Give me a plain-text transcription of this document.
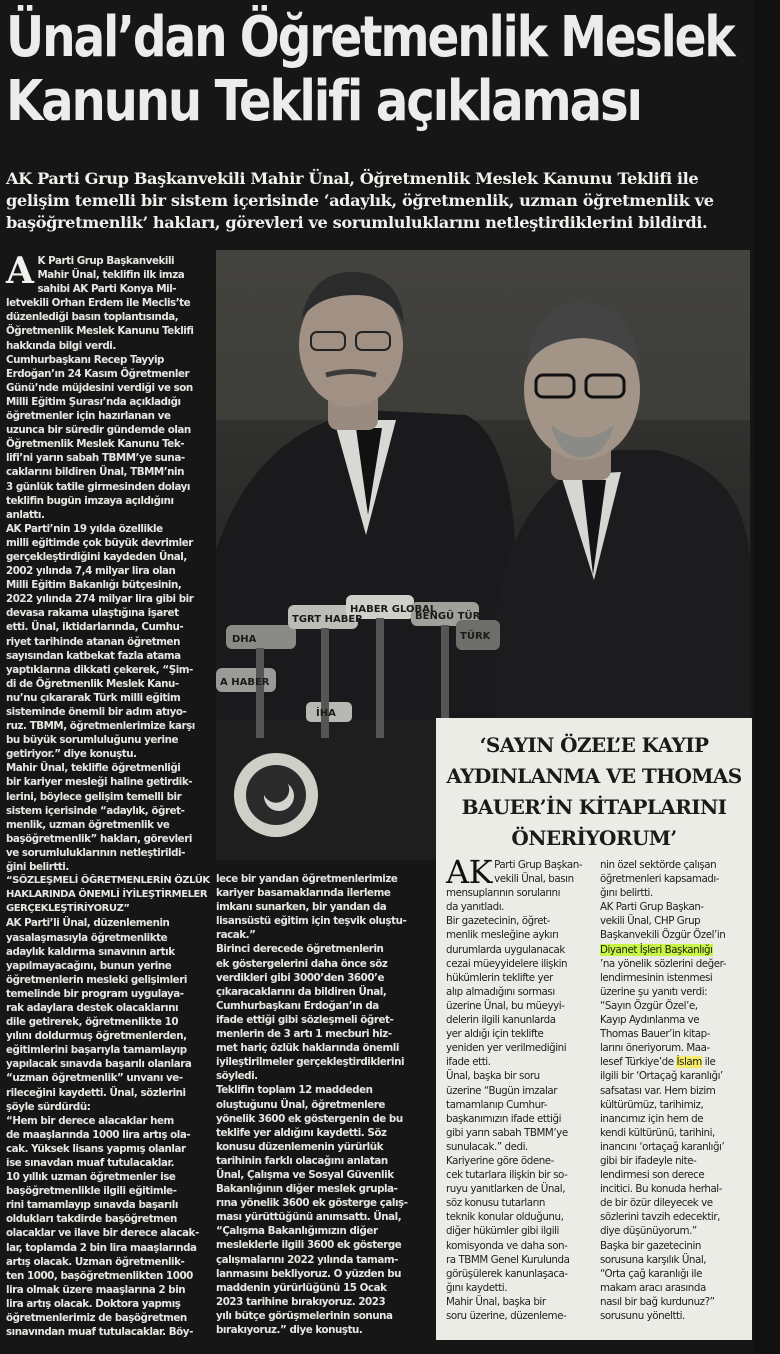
Ünal’dan Öğretmenlik Meslek
Kanunu Teklifi açıklaması
AK Parti Grup Başkanvekili Mahir Ünal, Öğretmenlik Meslek Kanunu Teklifi ile
gelişim temelli bir sistem içerisinde ‘adaylık, öğretmenlik, uzman öğretmenlik ve
başöğretmenlik’ hakları, görevleri ve sorumluluklarını netleştirdiklerini bildirdi.
A K Parti Grup Başkanvekili

Mahir Ünal, teklifin ilk imza

sahibi AK Parti Konya Mil-

letvekili Orhan Erdem ile Meclis’te

düzenlediği basın toplantısında,

Öğretmenlik Meslek Kanunu Teklifi

hakkında bilgi verdi.

Cumhurbaşkanı Recep Tayyip

Erdoğan’ın 24 Kasım Öğretmenler

Günü’nde müjdesini verdiği ve son

Milli Eğitim Şurası’nda açıkladığı

öğretmenler için hazırlanan ve

uzunca bir süredir gündemde olan

Öğretmenlik Meslek Kanunu Tek-

lifi’ni yarın sabah TBMM’ye suna-

caklarını bildiren Ünal, TBMM’nin

3 günlük tatile girmesinden dolayı

teklifin bugün imzaya açıldığını

anlattı.

AK Parti’nin 19 yılda özellikle

milli eğitimde çok büyük devrimler

gerçekleştirdiğini kaydeden Ünal,

2002 yılında 7,4 milyar lira olan

Milli Eğitim Bakanlığı bütçesinin,

2022 yılında 274 milyar lira gibi bir

devasa rakama ulaştığına işaret

etti. Ünal, iktidarlarında, Cumhu-

riyet tarihinde atanan öğretmen

sayısından katbekat fazla atama

yaptıklarına dikkati çekerek, “Şim-

di de Öğretmenlik Meslek Kanu-

nu’nu çıkararak Türk milli eğitim

sisteminde önemli bir adım atıyo-

ruz. TBMM, öğretmenlerimize karşı

bu büyük sorumluluğunu yerine

getiriyor.” diye konuştu.

Mahir Ünal, teklifle öğretmenliği

bir kariyer mesleği haline getirdik-

lerini, böylece gelişim temelli bir

sistem içerisinde “adaylık, öğret-

menlik, uzman öğretmenlik ve

başöğretmenlik” hakları, görevleri

ve sorumluluklarının netleştirildi-

ğini belirtti.

“SÖZLEŞMELİ ÖĞRETMENLERİN ÖZLÜK

HAKLARINDA ÖNEMLİ İYİLEŞTİRMELER

GERÇEKLEŞTİRİYORUZ”

AK Parti’li Ünal, düzenlemenin

yasalaşmasıyla öğretmenlikte

adaylık kaldırma sınavının artık

yapılmayacağını, bunun yerine

öğretmenlerin mesleki gelişimleri

temelinde bir program uygulaya-

rak adaylara destek olacaklarını

dile getirerek, öğretmenlikte 10

yılını doldurmuş öğretmenlerden,

eğitimlerini başarıyla tamamlayıp

yapılacak sınavda başarılı olanlara

“uzman öğretmenlik” unvanı ve-

rileceğini kaydetti. Ünal, sözlerini

şöyle sürdürdü:

“Hem bir derece alacaklar hem

de maaşlarında 1000 lira artış ola-

cak. Yüksek lisans yapmış olanlar

ise sınavdan muaf tutulacaklar.

10 yıllık uzman öğretmenler ise

başöğretmenlikle ilgili eğitimle-

rini tamamlayıp sınavda başarılı

oldukları takdirde başöğretmen

olacaklar ve ilave bir derece alacak-

lar, toplamda 2 bin lira maaşlarında

artış olacak. Uzman öğretmenlik-

ten 1000, başöğretmenlikten 1000

lira olmak üzere maaşlarına 2 bin

lira artış olacak. Doktora yapmış

öğretmenlerimiz de başöğretmen

sınavından muaf tutulacaklar. Böy-

DHA
TGRT HABER
HABER GLOBAL
BENGÜ TÜRK
A HABER
İHA
TÜRK

lece bir yandan öğretmenlerimize

kariyer basamaklarında ilerleme

imkanı sunarken, bir yandan da

lisansüstü eğitim için teşvik oluştu-

racak.”

Birinci derecede öğretmenlerin

ek göstergelerini daha önce söz

verdikleri gibi 3000’den 3600’e

çıkaracaklarını da bildiren Ünal,

Cumhurbaşkanı Erdoğan’ın da

ifade ettiği gibi sözleşmeli öğret-

menlerin de 3 artı 1 mecburi hiz-

met hariç özlük haklarında önemli

iyileştirilmeler gerçekleştirdiklerini

söyledi.

Teklifin toplam 12 maddeden

oluştuğunu Ünal, öğretmenlere

yönelik 3600 ek göstergenin de bu

teklife yer aldığını kaydetti. Söz

konusu düzenlemenin yürürlük

tarihinin farklı olacağını anlatan

Ünal, Çalışma ve Sosyal Güvenlik

Bakanlığının diğer meslek grupla-

rına yönelik 3600 ek gösterge çalış-

ması yürüttüğünü anımsattı. Ünal,

“Çalışma Bakanlığımızın diğer

mesleklerle ilgili 3600 ek gösterge

çalışmalarını 2022 yılında tamam-

lanmasını bekliyoruz. O yüzden bu

maddenin yürürlüğünü 15 Ocak

2023 tarihine bırakıyoruz. 2023

yılı bütçe görüşmelerinin sonuna

bırakıyoruz.” diye konuştu.

‘SAYIN ÖZEL’E KAYIP
AYDINLANMA VE THOMAS
BAUER’İN KİTAPLARINI
ÖNERİYORUM’
AK Parti Grup Başkan-

vekili Ünal, basın

mensuplarının sorularını

da yanıtladı.

Bir gazetecinin, öğret-

menlik mesleğine aykırı

durumlarda uygulanacak

cezai müeyyidelere ilişkin

hükümlerin teklifte yer

alıp almadığını sorması

üzerine Ünal, bu müeyyi-

delerin ilgili kanunlarda

yer aldığı için teklifte

yeniden yer verilmediğini

ifade etti.

Ünal, başka bir soru

üzerine “Bugün imzalar

tamamlanıp Cumhur-

başkanımızın ifade ettiği

gibi yarın sabah TBMM’ye

sunulacak.” dedi.

Kariyerine göre ödene-

cek tutarlara ilişkin bir so-

ruyu yanıtlarken de Ünal,

söz konusu tutarların

teknik konular olduğunu,

diğer hükümler gibi ilgili

komisyonda ve daha son-

ra TBMM Genel Kurulunda

görüşülerek kanunlaşaca-

ğını kaydetti.

Mahir Ünal, başka bir

soru üzerine, düzenleme-

nin özel sektörde çalışan

öğretmenleri kapsamadı-

ğını belirtti.

AK Parti Grup Başkan-

vekili Ünal, CHP Grup

Başkanvekili Özgür Özel’in

Diyanet İşleri Başkanlığı

’na yönelik sözlerini değer-

lendirmesinin istenmesi

üzerine şu yanıtı verdi:

“Sayın Özgür Özel’e,

Kayıp Aydınlanma ve

Thomas Bauer’in kitap-

larını öneriyorum. Maa-

lesef Türkiye’de İslam ile

ilgili bir ‘Ortaçağ karanlığı’

safsatası var. Hem bizim

kültürümüz, tarihimiz,

inancımız için hem de

kendi kültürünü, tarihini,

inancını ‘ortaçağ karanlığı’

gibi bir ifadeyle nite-

lendirmesi son derece

incitici. Bu konuda herhal-

de bir özür dileyecek ve

sözlerini tavzih edecektir,

diye düşünüyorum.”

Başka bir gazetecinin

sorusuna karşılık Ünal,

“Orta çağ karanlığı ile

makam aracı arasında

nasıl bir bağ kurdunuz?”

sorusunu yöneltti.
